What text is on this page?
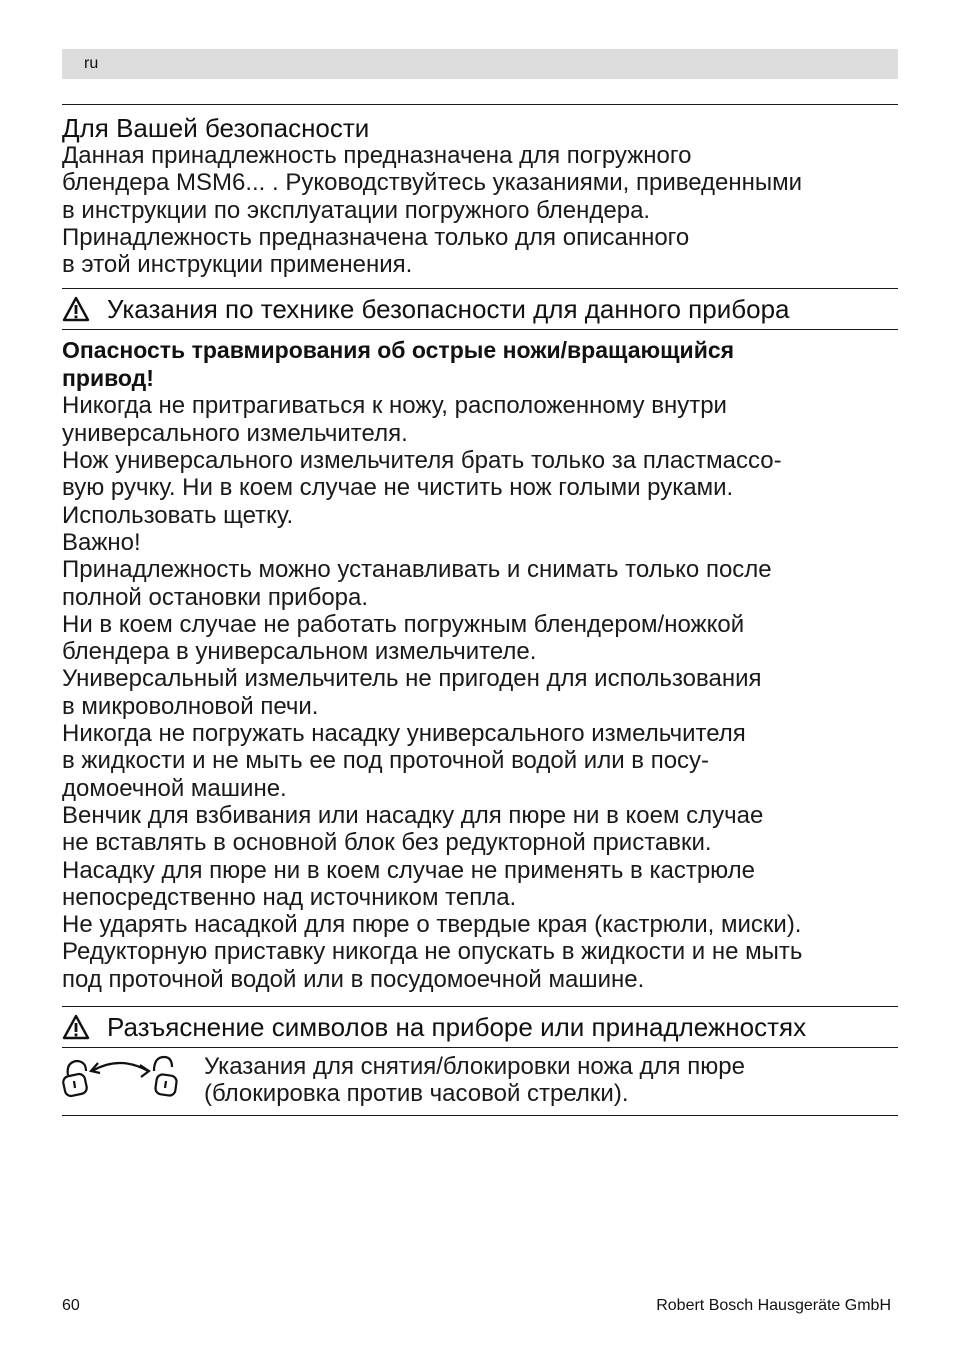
ru
Для Вашей безопасности
Данная принадлежность предназначена для погружного
блендера MSM6... . Руководствуйтесь указаниями, приведенными
в инструкции по эксплуатации погружного блендера.
Принадлежность предназначена только для описанного
в этой инструкции применения.
Указания по технике безопасности для данного прибора
Опасность травмирования об острые ножи/вращающийся
привод!
Никогда не притрагиваться к ножу, расположенному внутри
универсального измельчителя.
Нож универсального измельчителя брать только за пластмассо-
вую ручку. Ни в коем случае не чистить нож голыми руками.
Использовать щетку.
Важно!
Принадлежность можно устанавливать и снимать только после
полной остановки прибора.
Ни в коем случае не работать погружным блендером/ножкой
блендера в универсальном измельчителе.
Универсальный измельчитель не пригоден для использования
в микроволновой печи.
Никогда не погружать насадку универсального измельчителя
в жидкости и не мыть ее под проточной водой или в посу-
домоечной машине.
Венчик для взбивания или насадку для пюре ни в коем случае
не вставлять в основной блок без редукторной приставки.
Насадку для пюре ни в коем случае не применять в кастрюле
непосредственно над источником тепла.
Не ударять насадкой для пюре о твердые края (кастрюли, миски).
Редукторную приставку никогда не опускать в жидкости и не мыть
под проточной водой или в посудомоечной машине.
Разъяснение символов на приборе или принадлежностях
Указания для снятия/блокировки ножа для пюре
(блокировка против часовой стрелки).
60	Robert Bosch Hausgeräte GmbH
